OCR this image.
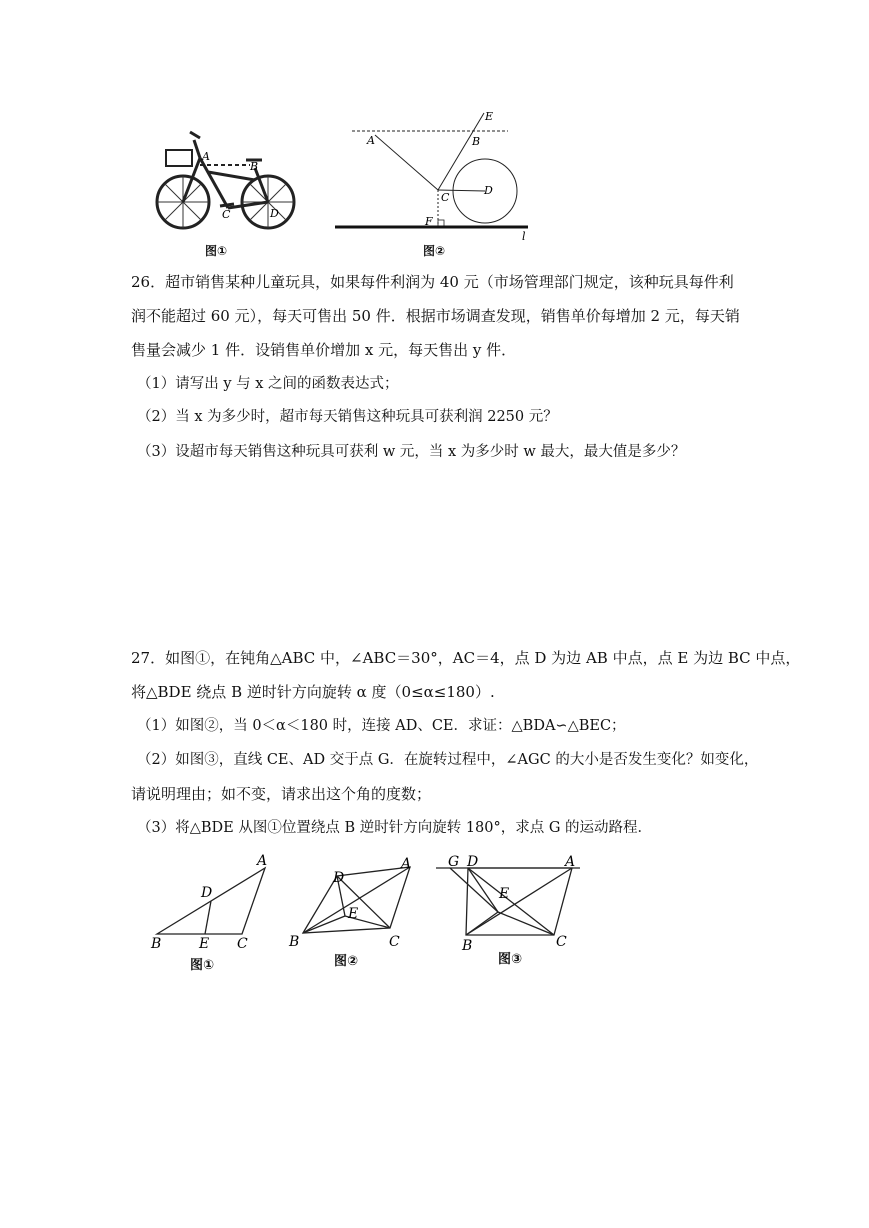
A
B
C	D
图①
A	B
C
D
E
F
l
图②
26．超市销售某种儿童玩具，如果每件利润为 40 元（市场管理部门规定，该种玩具每件利
润不能超过 60 元），每天可售出 50 件．根据市场调查发现，销售单价每增加 2 元，每天销
售量会减少 1 件．设销售单价增加 x 元，每天售出 y 件．
（1）请写出 y 与 x 之间的函数表达式；
（2）当 x 为多少时，超市每天销售这种玩具可获利润 2250 元？
（3）设超市每天销售这种玩具可获利 w 元，当 x 为多少时 w 最大，最大值是多少？
27．如图①，在钝角△ABC 中，∠ABC＝30°，AC＝4，点 D 为边 AB 中点，点 E 为边 BC 中点，
将△BDE 绕点 B 逆时针方向旋转 α 度（0≤α≤180）.
（1）如图②，当 0＜α＜180 时，连接 AD、CE．求证：△BDA∽△BEC；
（2）如图③，直线 CE、AD 交于点 G．在旋转过程中，∠AGC 的大小是否发生变化？如变化，
请说明理由；如不变，请求出这个角的度数；
（3）将△BDE 从图①位置绕点 B 逆时针方向旋转 180°，求点 G 的运动路程．
A
D
B	E C
图①
D
A
E
B	C
图②
G D	A
E
B	C
图③
